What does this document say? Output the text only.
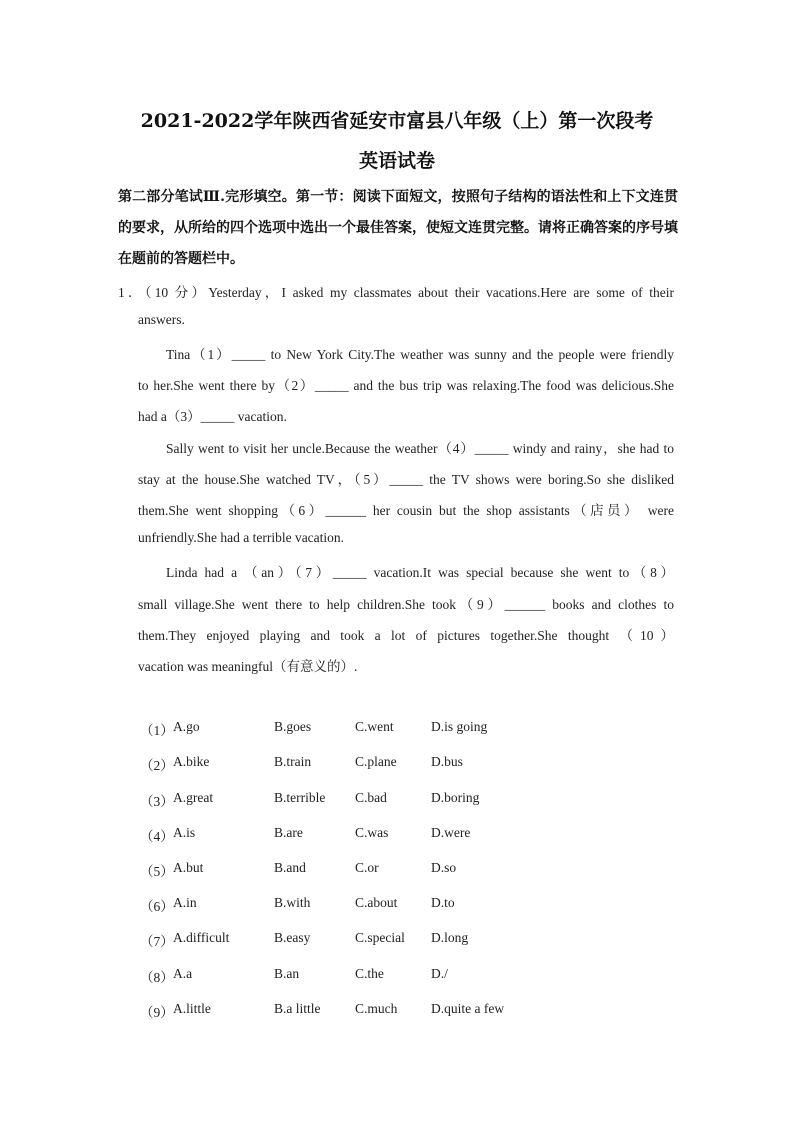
2021-2022学年陕西省延安市富县八年级（上）第一次段考
英语试卷
第二部分笔试Ⅲ.完形填空。第一节：阅读下面短文，按照句子结构的语法性和上下文连贯的要求，从所给的四个选项中选出一个最佳答案，使短文连贯完整。请将正确答案的序号填在题前的答题栏中。
1．（10 分）Yesterday，I asked my classmates about their vacations.Here are some of their
answers.
Tina（1）_____ to New York City.The weather was sunny and the people were friendly
to her.She went there by（2）_____ and the bus trip was relaxing.The food was delicious.She
had a（3）_____ vacation.
Sally went to visit her uncle.Because the weather（4）_____ windy and rainy，she had to
stay at the house.She watched TV，（5）_____ the TV shows were boring.So she disliked
them.She went shopping（6）______ her cousin but the shop assistants（店员） were
unfriendly.She had a terrible vacation.
Linda had a （an）（7）_____ vacation.It was special because she went to（8）
small village.She went there to help children.She took（9）______ books and clothes to
them.They enjoyed playing and took a lot of pictures together.She thought （10）
vacation was meaningful（有意义的）.
（1） A.go	B.goes	C.went	D.is going
（2） A.bike	B.train	C.plane	D.bus
（3） A.great	B.terrible C.bad	D.boring
（4） A.is	B.are	C.was	D.were
（5） A.but	B.and	C.or	D.so
（6） A.in	B.with	C.about D.to
（7） A.difficult	B.easy	C.special D.long
（8） A.a	B.an	C.the	D./
（9） A.little	B.a little	C.much D.quite a few
